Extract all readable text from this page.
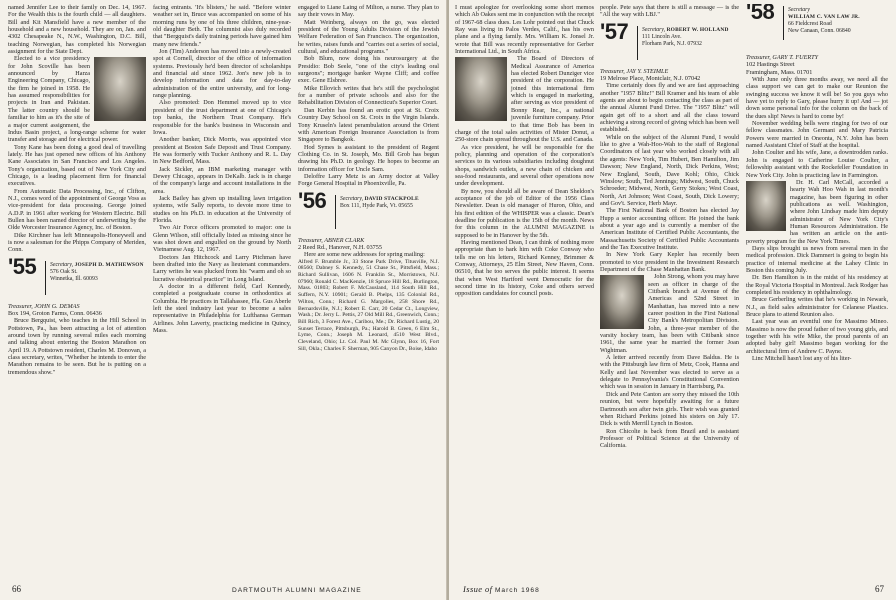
named Jennifer Lee to their family on Dec. 14, 1967. For the Wealth this is the fourth child — all daughters. Bill and Kit Mansfield have a new member of the household and a new household. They are on, Jan. and 4302 Chesapeake N., N.W., Washington, D.C. Bill, teaching Norwegian, has completed his Norwegian assignment for the State Dept.

Elected to a vice presidency for John Scoville has been announced by Harza Engineering Company, Chicago, the firm he joined in 1958. He has assumed responsibilities for projects in Iran and Pakistan. The latter country should be familiar to him as it's the site of a major current assignment, the Indus Basin project, a long-range scheme for water transfer and storage and for electrical power.

Tony Kane has been doing a good deal of travelling lately. He has just opened new offices of his Anthony Kane Associates in San Francisco and Los Angeles. Tony's organization, based out of New York City and Chicago, is a leading placement firm for financial executives.

From Automatic Data Processing, Inc., of Clifton, N.J., comes word of the appointment of George Voss as vice-president for data processing. George joined A.D.P. in 1961 after working for Western Electric. Bill Bullen has been named director of underwriting by the Olde Worcester Insurance Agency, Inc. of Boston.

Dike Kirchner has left Minneapolis-Honeywell and is now a salesman for the Phipps Company of Meriden, Conn.

'55 Secretary, JOSEPH D. MATHEWSON
576 Oak St.
Winnetka, Ill. 60093

Treasurer, JOHN G. DEMAS

Box 194, Groton Farms, Conn. 06436

Bruce Bergquist, who teaches in the Hill School in Pottstown, Pa., has been attracting a lot of attention around town by running several miles each morning and talking about entering the Boston Marathon on April 19. A Pottstown resident, Charles M. Donovan, a class secretary, writes, "Whether he intends to enter the Marathon remains to be seen. But he is putting on a tremendous show."

facing entrants. 'It's blisters,' he said. "Before winter weather set in, Bruce was accompanied on some of his morning runs by one of his three children, nine-year-old daughter Beth. The columnist also duly recorded that "Bergquist's daily training periods have gained him many new friends."

Jon (Tim) Anderson has moved into a newly-created spot at Cornell, director of the office of information systems. Previously he'd been director of scholarships and financial aid since 1962. Jon's new job is to develop information and data for day-to-day administration of the entire university, and for long-range planning.

Also promoted: Don Hemmel moved up to vice president of the trust department at one of Chicago's top banks, the Northern Trust Company. He's responsible for the bank's business in Wisconsin and Iowa.

Another banker, Dick Morris, was appointed vice president at Boston Safe Deposit and Trust Company. He was formerly with Tucker Anthony and R. L. Day in New Bedford, Mass.

Jack Sickler, an IBM marketing manager with Dewey Chicago, appears in DeKalb. Jack is in charge of the company's large and account installations in the area.

Jack Bailey has given up installing lawn irrigation systems, wife Sally reports, to devote more time to studies on his Ph.D. in education at the University of Florida.

Two Air Force officers promoted to major: one is Glenn Wilson, still officially listed as missing since he was shot down and engulfed on the ground by North Vietnamese Aug. 12, 1967.

Doctors Jan Hitchcock and Larry Pitchman have been drafted into the Navy as lieutenant commanders. Larry writes he was plucked from his "warm and oh so lucrative obstetrical practice" in Long Island.

A doctor in a different field, Carl Kennedy, completed a postgraduate course in orthodontics at Columbia. He practices in Tallahassee, Fla. Gus Aberle left the steel industry last year to become a sales representative in Philadelphia for Lufthansa German Airlines. John Laverty, practicing medicine in Quincy, Mass.

engaged to Liane Laing of Milton, a nurse. They plan to say their vows in May.

Matt Weinberg, always on the go, was elected president of the Young Adults Division of the Jewish Welfare Federation of San Francisco. The organization, he writes, raises funds and "carries out a series of social, cultural, and educational programs."

Bob Blum, now doing his neurosurgery at the Presidio: Bob Seele, "one of the city's leading oral surgeons"; mortgage banker Wayne Cliff; and coffee exec. Gene Elsbree.

Mike Ellovich writes that he's still the psychologist for a number of private schools and also for the Rehabilitation Division of Connecticut's Superior Court.

Dan Kerbin has found an erotic spot at St. Croix Country Day School on St. Croix in the Virgin Islands. Tony Kruseln's latest perambulation around the Orient with American Foreign Insurance Association is from Singapore to Bangkok.

Hod Symes is assistant to the president of Regent Clothing Co. in St. Joseph, Mo. Bill Grob has begun drawing his Ph.D. in geology. He hopes to become an information officer for Uncle Sam.

Deloffre Larry Metz is an Army doctor at Valley Forge General Hospital in Phoenixville, Pa.

'56 Secretary, DAVID STACKPOLE
Box 111, Hyde Park, Vt. 05655

Treasurer, ABNER CLARK

2 Reed Rd., Hanover, N.H. 03755

Here are some new addresses for spring mailing:

Alfred F. Brumble Jr., 33 Stone Park Drive, Titusville, N.J. 08560; Dabney S. Kennedy, 51 Chase St., Pittsfield, Mass.; Richard Sullivan, 1606 N. Franklin St., Morristown, N.J. 07960; Ronald C. MacKenzie, 18 Spruce Hill Rd., Burlington, Mass. 01803; Robert F. McCausland, 114 South Hill Rd., Suffern, N.Y. 10901; Gerald B. Phelps, 135 Colonial Rd., Wilton, Conn.; Richard G. Margolies, 258 Shore Rd., Bernardsville, N.J.; Robert E. Carr, 20 Cedar Ct., Longview, Wash.; Dr. Jerry L. Pettis, 27 Old Mill Rd., Greenwich, Conn.; Bill Rich, 3 Forest Ave., Caribou, Me.; Dr. Richard Lustig, 20 Sunset Terrace, Pittsburgh, Pa.; Harold B. Green, 6 Elm St., Lyme, Conn.; Joseph M. Leonard, 4510 West Blvd., Cleveland, Ohio; Lt. Col. Paul M. Mc Glynn, Box 16, Fort Sill, Okla.; Charles F. Sherman, 905 Canyon Dr., Boise, Idaho

66	DARTMOUTH ALUMNI MAGAZINE

I must apologize for overlooking some short memos which Ab Oakes sent me in conjunction with the receipt of 1967-68 class dues. Les Lohr pointed out that Chuck Ray was living in Palos Verdes, Calif., has his own plane and a flying family. Mrs. William K. Jonsel Jr. wrote that Bill was recently representative for Gerber International Ltd., in South Africa.

The Board of Directors of Medical Assurance of America has elected Robert Dunziger vice president of the corporation. He joined this international firm which is engaged in marketing, after serving as vice president of Bonny Rear, Inc., a national juvenile furniture company. Prior to that time Bob has been in charge of the total sales activities of Mister Donut, a 250-store chain spread throughout the U.S. and Canada.

As vice president, he will be responsible for the policy, planning and operation of the corporation's services to its various subsidiaries including doughnut shops, sandwich outlets, a new chain of chicken and sea-food restaurants, and several other operations now under development.

By now, you should all be aware of Dean Sheldon's acceptance of the job of Editor of the 1956 Class Newsletter. Dean is old manager of Huron, Ohio, and his first edition of the WHISPER was a classic. Dean's deadline for publication is the 15th of the month. News for this column in the ALUMNI MAGAZINE is supposed to be in Hanover by the 5th.

Having mentioned Dean, I can think of nothing more appropriate than to hark him with Coke Conway who tells me on his letters, Richard Kenney, Brimmer & Conway, Attorneys, 25 Elm Street, New Haven, Conn. 06510, that he too serves the public interest. It seems that when West Hartford went Democratic for the second time in its history, Coke and others served opposition candidates for council posts.

people. Pete says that there is still a message — is the "All the way with LBJ."

'57 Secretary, ROBERT W. HOLLAND
111 Lincoln Ave.
Florham Park, N.J. 07932

Treasurer, JAY Y. STEIMLE

19 Melrose Place, Montclair, N.J. 07042

Time certainly does fly and we are fast approaching another "1957 Blitz!" Bill Kramer and his team of able agents are about to begin contacting the class as part of the annual Alumni Fund Drive. The "1957 Blitz" will again get off to a short and all the class toward achieving a strong record of giving which has been well established.

While on the subject of the Alumni Fund, I would like to give a Wah-Hoo-Wah to the staff of Regional Coordinators of last year who worked closely with all the agents: New York, Tim Hubert, Ben Hamilton, Jim Dawson; New England, North, Dick Perkins, West; New England, South, Dave Kohl; Ohio, Chick Winslow; South, Ted Jennings; Midwest, South, Chuck Schroeder; Midwest, North, Gerry Stokes; West Coast, North, Art Johnson; West Coast, South, Dick Lowery; and Gov't. Service, Herb Mayr.

The First National Bank of Boston has elected Jay Hupp a senior accounting officer. He joined the bank about a year ago and is currently a member of the American Institute of Certified Public Accountants, the Massachusetts Society of Certified Public Accountants and the Tax Executive Institute.

In New York Gary Kepler has recently been promoted to vice president in the Investment Research Department of the Chase Manhattan Bank.

John Strong, whom you may have seen as officer in charge of the Citibank branch at Avenue of the Americas and 52nd Street in Manhattan, has moved into a new career position in the First National City Bank's Metropolitan Division. John, a three-year member of the varsity hockey team, has been with Citibank since 1961, the same year he married the former Joan Wightman.

A letter arrived recently from Dave Baldus. He is with the Pittsburgh law firm of Metz, Cook, Hanna and Kelly and last November was elected to serve as a delegate to Pennsylvania's Constitutional Convention which was in session in January in Harrisburg, Pa.

Dick and Pete Canton are sorry they missed the 10th reunion, but were hopefully awaiting for a future Dartmouth son after twin girls. Their wish was granted when Richard Perkins joined his sisters on July 17. Dick is with Merrill Lynch in Boston.

Ron Chicolte is back from Brazil and is assistant Professor of Political Science at the University of California.

'58 Secretary
WILLIAM C. VAN LAW JR.
66 Fieldcrest Road
New Canaan, Conn. 06840

Treasurer, GARY T. FUERTY

102 Hastings Street

Framingham, Mass. 01701

With June only three months away, we need all the class support we can get to make our Reunion the swinging success we know it will be! So you guys who have yet to reply to Gary, please hurry it up! And — jot down some personal info for the column on the back of the dues slip! News is hard to come by!

November wedding bells were ringing for two of our fellow classmates. John Germani and Mary Patricia Powers were married in Oneonta, N.Y. John has been named Assistant Chief of Staff at the hospital.

John Coulter and his wife, Jane, a downtrodden ranks. John is engaged to Catherine Louise Coulter, a fellowship assistant with the Rockefeller Foundation in New York City. John is practicing law in Farmington.

Dr. H. Carl McCall, accorded a hearty Wah Hoo Wah in last month's magazine, has been figuring in other publications as well. Washington, where John Lindsay made him deputy administrator of New York City's Human Resources Administration. He has written an article on the anti-poverty program for the New York Times.

Days slips brought us news from several men in the medical profession. Dick Dammert is going to begin his practice of internal medicine at the Lahey Clinic in Boston this coming July.

Dr. Ben Hamilton is in the midst of his residency at the Royal Victoria Hospital in Montreal. Jack Rodger has completed his residency in ophthalmology.

Bruce Gerberling writes that he's working in Newark, N.J., as field sales administrator for Celanese Plastics. Bruce plans to attend Reunion also.

Last year was an eventful one for Massimo Mineo. Massimo is now the proud father of two young girls, and together with his wife Mike, the proud parents of an adopted baby girl! Massimo began working for the architectural firm of Andrew C. Payne.

Linc Mitchell hasn't lost any of his liter-

Issue of March 1968	67
